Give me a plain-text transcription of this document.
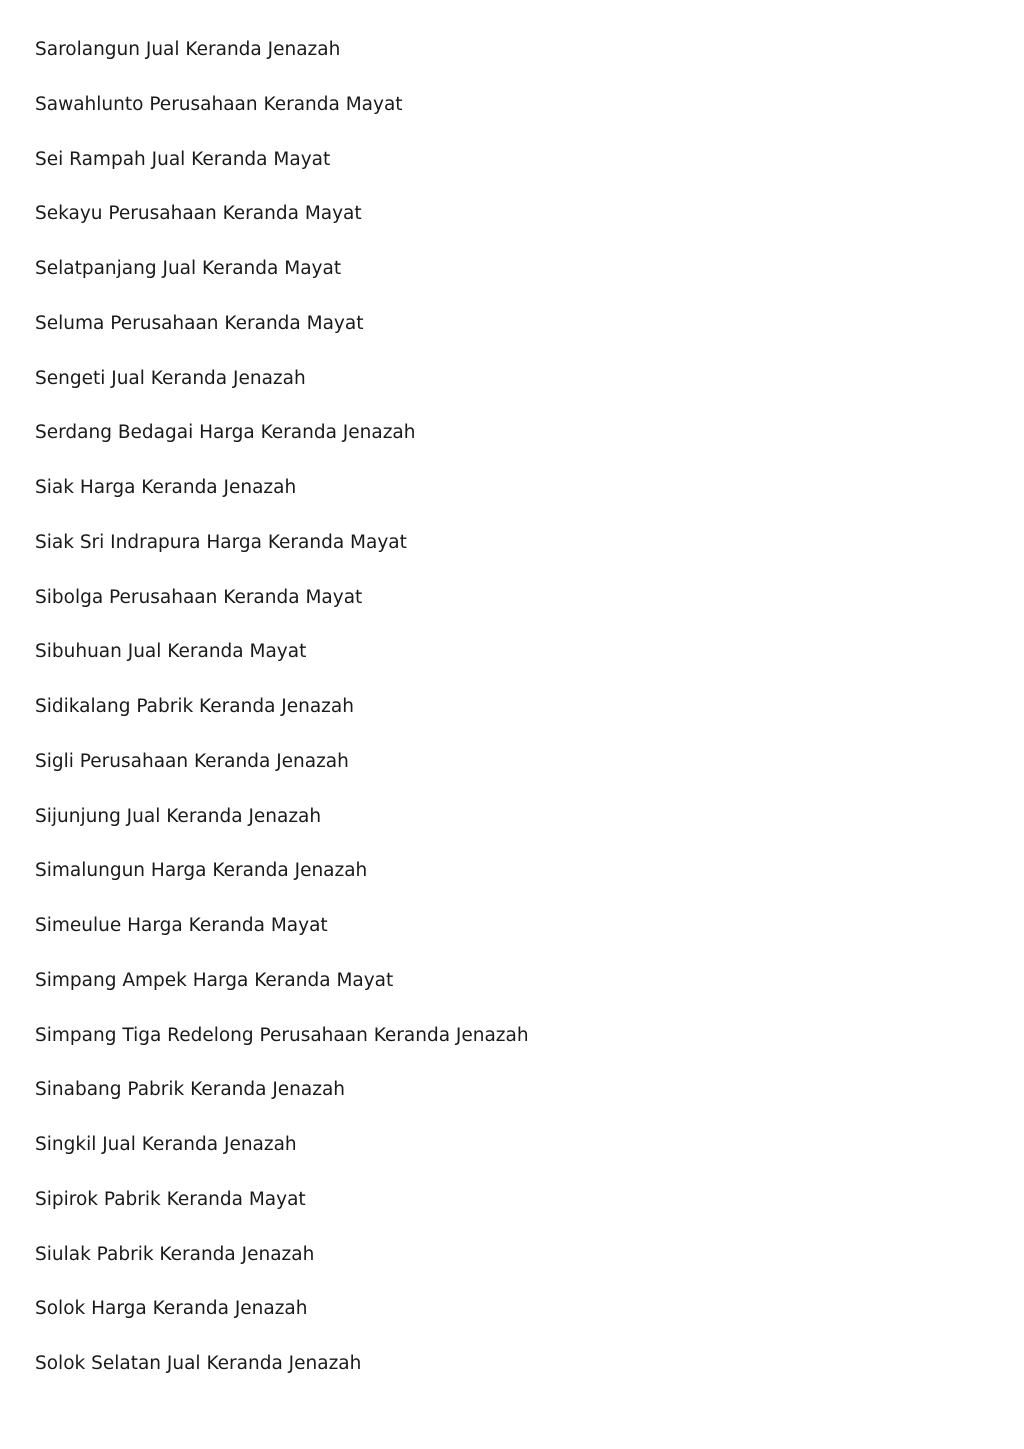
Sarolangun Jual Keranda Jenazah
Sawahlunto Perusahaan Keranda Mayat
Sei Rampah Jual Keranda Mayat
Sekayu Perusahaan Keranda Mayat
Selatpanjang Jual Keranda Mayat
Seluma Perusahaan Keranda Mayat
Sengeti Jual Keranda Jenazah
Serdang Bedagai Harga Keranda Jenazah
Siak Harga Keranda Jenazah
Siak Sri Indrapura Harga Keranda Mayat
Sibolga Perusahaan Keranda Mayat
Sibuhuan Jual Keranda Mayat
Sidikalang Pabrik Keranda Jenazah
Sigli Perusahaan Keranda Jenazah
Sijunjung Jual Keranda Jenazah
Simalungun Harga Keranda Jenazah
Simeulue Harga Keranda Mayat
Simpang Ampek Harga Keranda Mayat
Simpang Tiga Redelong Perusahaan Keranda Jenazah
Sinabang Pabrik Keranda Jenazah
Singkil Jual Keranda Jenazah
Sipirok Pabrik Keranda Mayat
Siulak Pabrik Keranda Jenazah
Solok Harga Keranda Jenazah
Solok Selatan Jual Keranda Jenazah
